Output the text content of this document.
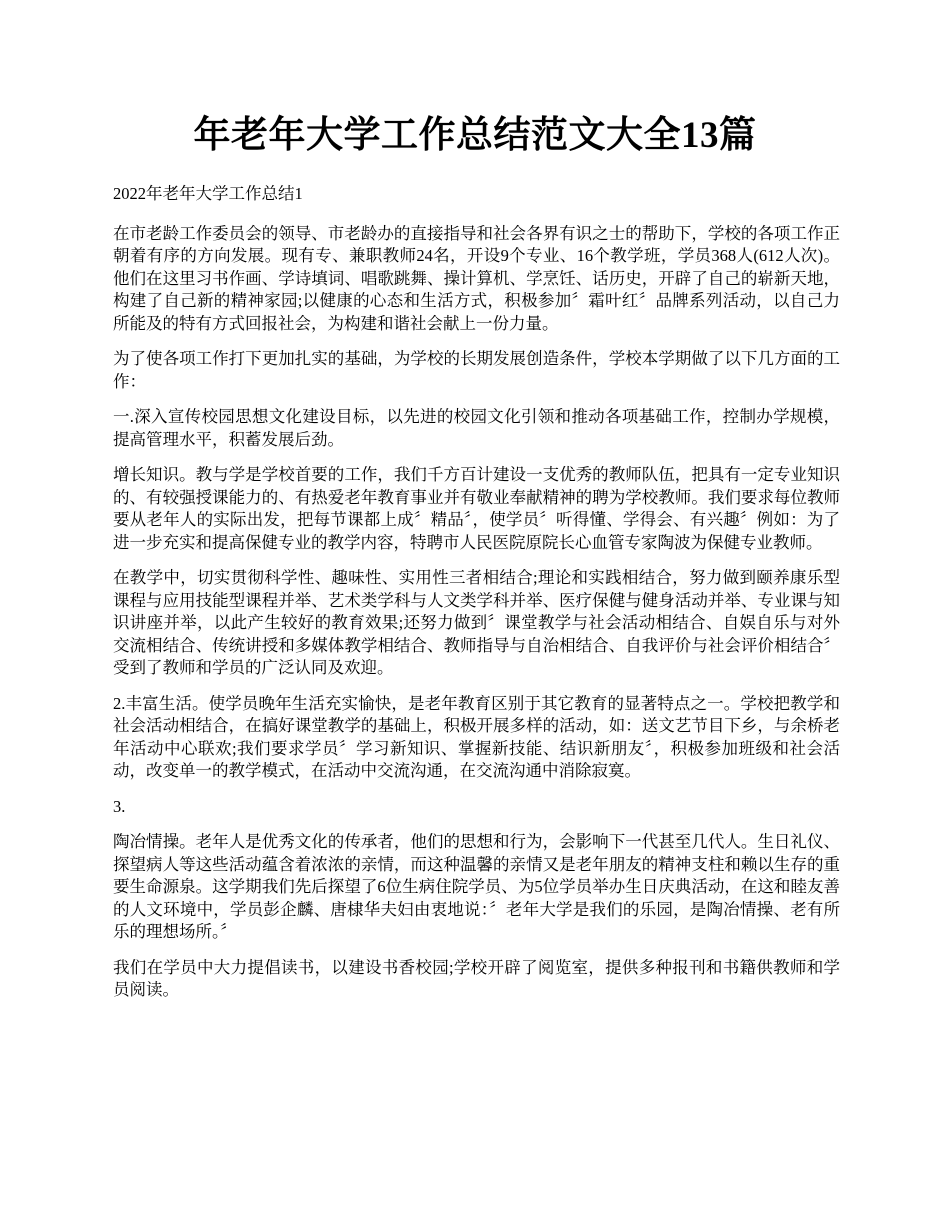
年老年大学工作总结范文大全13篇

2022年老年大学工作总结1

在市老龄工作委员会的领导、市老龄办的直接指导和社会各界有识之士的帮助下，学校的各项工作正朝着有序的方向发展。现有专、兼职教师24名，开设9个专业、16个教学班，学员368人(612人次)。他们在这里习书作画、学诗填词、唱歌跳舞、操计算机、学烹饪、话历史，开辟了自己的崭新天地，构建了自己新的精神家园;以健康的心态和生活方式，积极参加〞霜叶红〞品牌系列活动，以自己力所能及的特有方式回报社会，为构建和谐社会献上一份力量。

为了使各项工作打下更加扎实的基础，为学校的长期发展创造条件，学校本学期做了以下几方面的工作：

一.深入宣传校园思想文化建设目标，以先进的校园文化引领和推动各项基础工作，控制办学规模，提高管理水平，积蓄发展后劲。

增长知识。教与学是学校首要的工作，我们千方百计建设一支优秀的教师队伍，把具有一定专业知识的、有较强授课能力的、有热爱老年教育事业并有敬业奉献精神的聘为学校教师。我们要求每位教师要从老年人的实际出发，把每节课都上成〞精品〞，使学员〞听得懂、学得会、有兴趣〞例如：为了进一步充实和提高保健专业的教学内容，特聘市人民医院原院长心血管专家陶波为保健专业教师。

在教学中，切实贯彻科学性、趣味性、实用性三者相结合;理论和实践相结合，努力做到颐养康乐型课程与应用技能型课程并举、艺术类学科与人文类学科并举、医疗保健与健身活动并举、专业课与知识讲座并举，以此产生较好的教育效果;还努力做到〞课堂教学与社会活动相结合、自娱自乐与对外交流相结合、传统讲授和多媒体教学相结合、教师指导与自治相结合、自我评价与社会评价相结合〞受到了教师和学员的广泛认同及欢迎。

2.丰富生活。使学员晚年生活充实愉快，是老年教育区别于其它教育的显著特点之一。学校把教学和社会活动相结合，在搞好课堂教学的基础上，积极开展多样的活动，如：送文艺节目下乡，与余桥老年活动中心联欢;我们要求学员〞学习新知识、掌握新技能、结识新朋友〞，积极参加班级和社会活动，改变单一的教学模式，在活动中交流沟通，在交流沟通中消除寂寞。

3.

陶冶情操。老年人是优秀文化的传承者，他们的思想和行为，会影响下一代甚至几代人。生日礼仪、探望病人等这些活动蕴含着浓浓的亲情，而这种温馨的亲情又是老年朋友的精神支柱和赖以生存的重要生命源泉。这学期我们先后探望了6位生病住院学员、为5位学员举办生日庆典活动，在这和睦友善的人文环境中，学员彭企麟、唐棣华夫妇由衷地说：〞老年大学是我们的乐园，是陶冶情操、老有所乐的理想场所。〞

我们在学员中大力提倡读书，以建设书香校园;学校开辟了阅览室，提供多种报刊和书籍供教师和学员阅读。
